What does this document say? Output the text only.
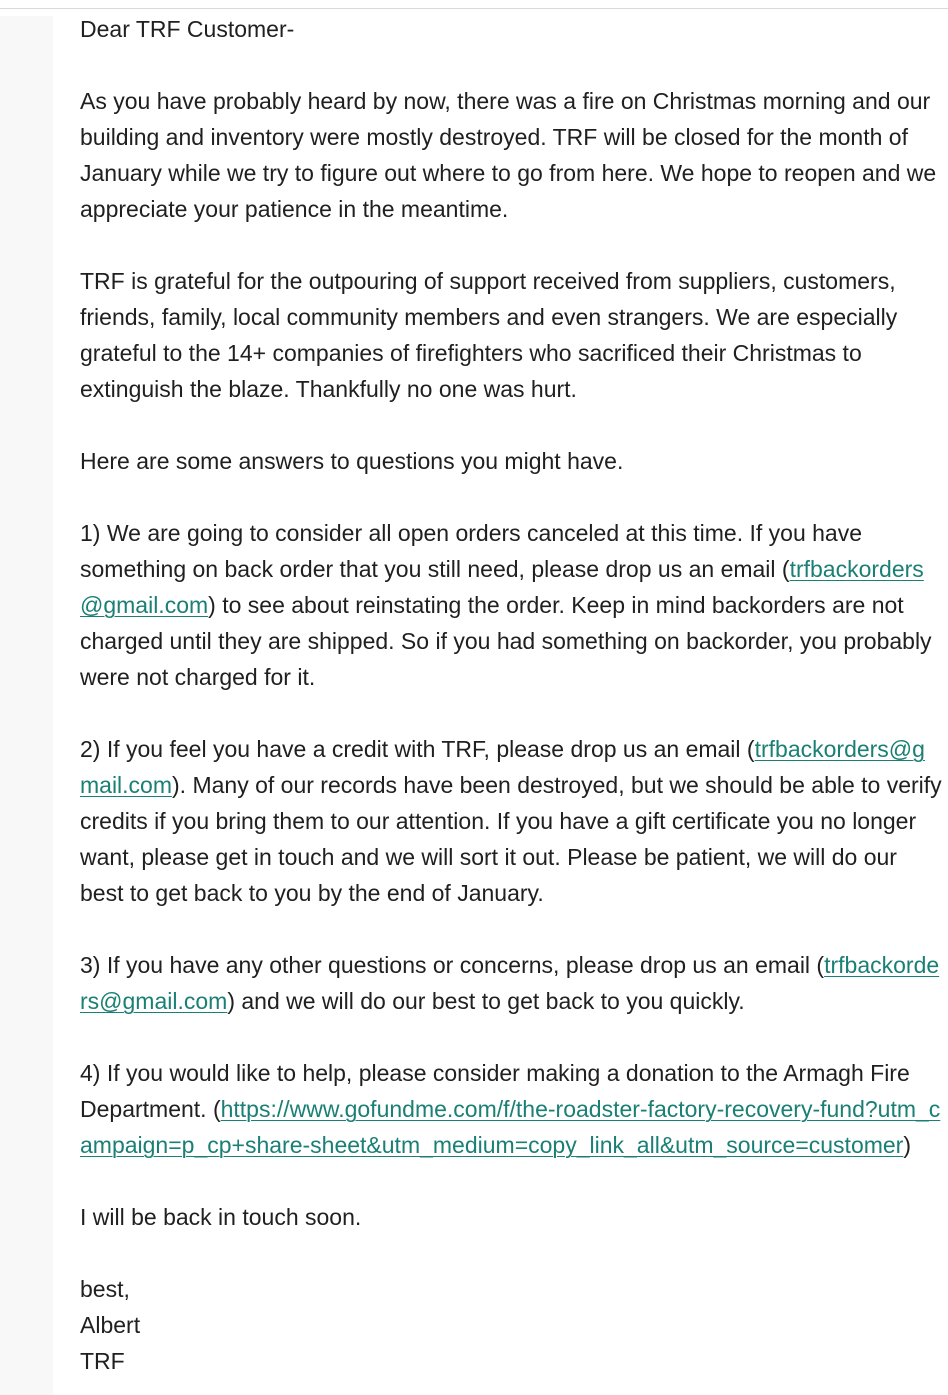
Dear TRF Customer-

As you have probably heard by now, there was a fire on Christmas morning and our building and inventory were mostly destroyed. TRF will be closed for the month of January while we try to figure out where to go from here. We hope to reopen and we appreciate your patience in the meantime.

TRF is grateful for the outpouring of support received from suppliers, customers, friends, family, local community members and even strangers. We are especially grateful to the 14+ companies of firefighters who sacrificed their Christmas to extinguish the blaze. Thankfully no one was hurt.

Here are some answers to questions you might have.

1) We are going to consider all open orders canceled at this time. If you have something on back order that you still need, please drop us an email (trfbackorders@gmail.com) to see about reinstating the order. Keep in mind backorders are not charged until they are shipped. So if you had something on backorder, you probably were not charged for it.

2) If you feel you have a credit with TRF, please drop us an email (trfbackorders@gmail.com). Many of our records have been destroyed, but we should be able to verify credits if you bring them to our attention. If you have a gift certificate you no longer want, please get in touch and we will sort it out. Please be patient, we will do our best to get back to you by the end of January.

3) If you have any other questions or concerns, please drop us an email (trfbackorders@gmail.com) and we will do our best to get back to you quickly.

4) If you would like to help, please consider making a donation to the Armagh Fire Department. (https://www.gofundme.com/f/the-roadster-factory-recovery-fund?utm_campaign=p_cp+share-sheet&utm_medium=copy_link_all&utm_source=customer)

I will be back in touch soon.

best,

Albert

TRF
